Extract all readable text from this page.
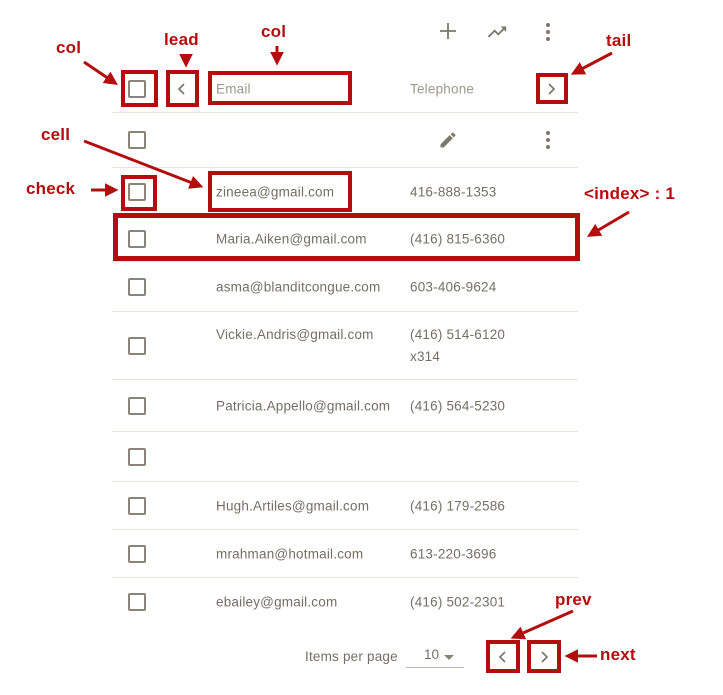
Email	Telephone
zineea@gmail.com	416-888-1353
Maria.Aiken@gmail.com	(416) 815-6360
asma@blanditcongue.com 603-406-9624
Vickie.Andris@gmail.com	(416) 514-6120
x314
Patricia.Appello@gmail.com (416) 564-5230
Hugh.Artiles@gmail.com	(416) 179-2586
mrahman@hotmail.com	613-220-3696
ebailey@gmail.com	(416) 502-2301
Items per page 10
col	lead	col	tail
cell
check	<index> : 1
prev
next
